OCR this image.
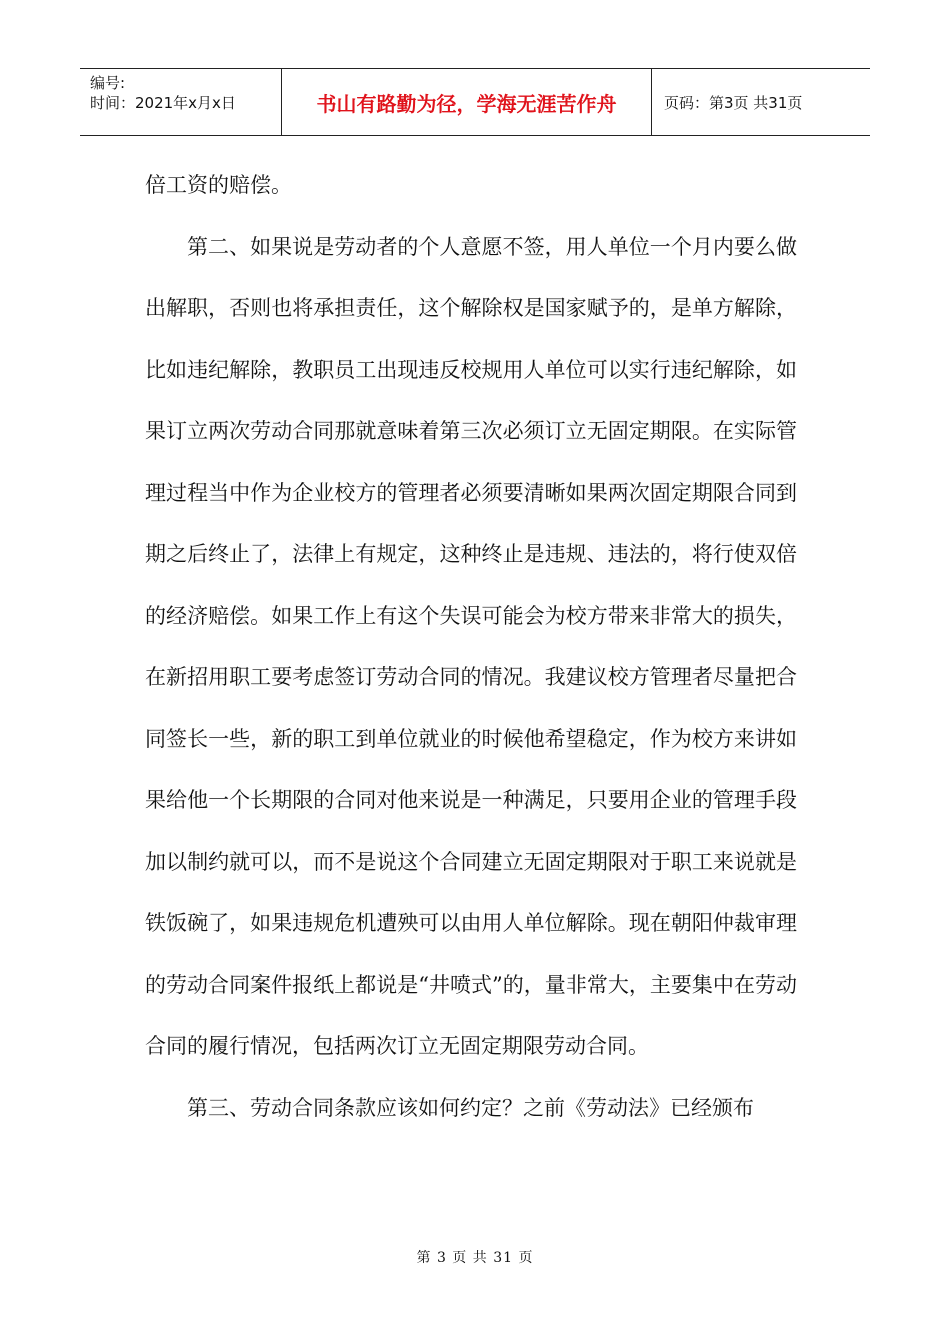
编号:
时间：2021年x月x日	书山有路勤为径，学海无涯苦作舟	页码：第3页 共31页

倍工资的赔偿。

第二、如果说是劳动者的个人意愿不签，用人单位一个月内要么做出解职，否则也将承担责任，这个解除权是国家赋予的，是单方解除，比如违纪解除，教职员工出现违反校规用人单位可以实行违纪解除，如果订立两次劳动合同那就意味着第三次必须订立无固定期限。在实际管理过程当中作为企业校方的管理者必须要清晰如果两次固定期限合同到期之后终止了，法律上有规定，这种终止是违规、违法的，将行使双倍的经济赔偿。如果工作上有这个失误可能会为校方带来非常大的损失，在新招用职工要考虑签订劳动合同的情况。我建议校方管理者尽量把合同签长一些，新的职工到单位就业的时候他希望稳定，作为校方来讲如果给他一个长期限的合同对他来说是一种满足，只要用企业的管理手段加以制约就可以，而不是说这个合同建立无固定期限对于职工来说就是铁饭碗了，如果违规危机遭殃可以由用人单位解除。现在朝阳仲裁审理的劳动合同案件报纸上都说是“井喷式”的，量非常大，主要集中在劳动合同的履行情况，包括两次订立无固定期限劳动合同。

第三、劳动合同条款应该如何约定？之前《劳动法》已经颁布

第 3 页 共 31 页
